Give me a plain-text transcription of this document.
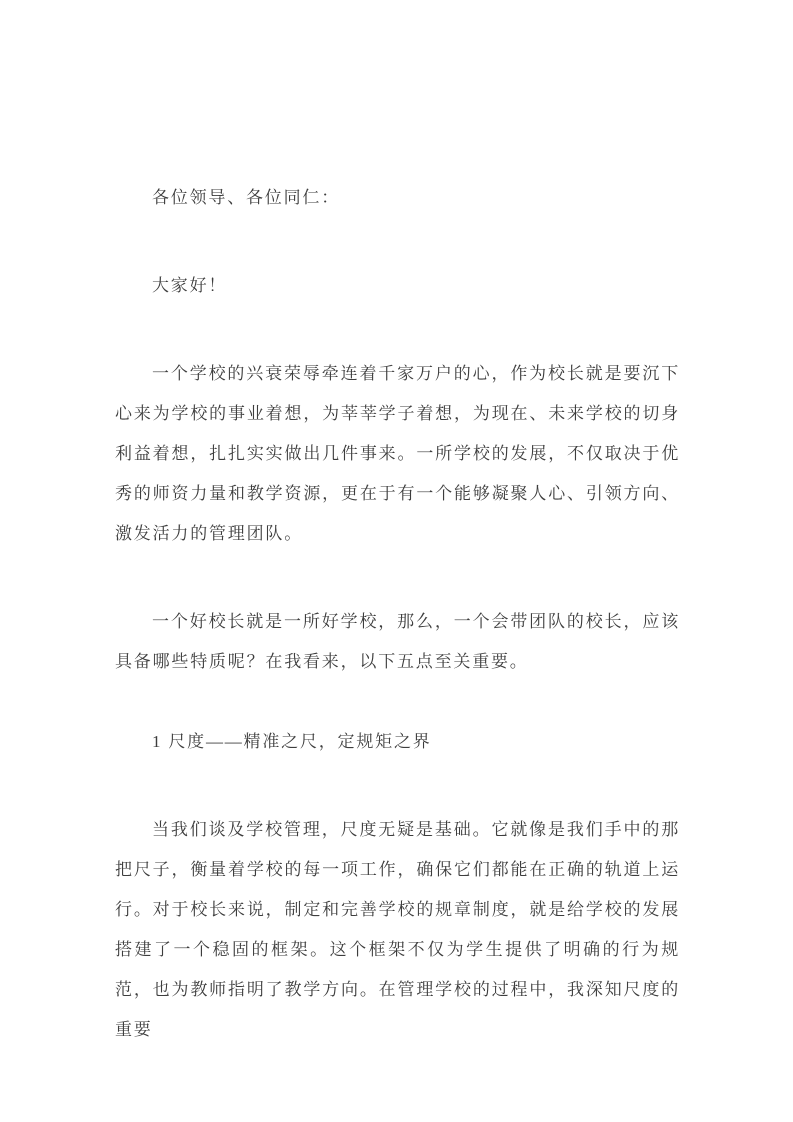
各位领导、各位同仁：

大家好！

一个学校的兴衰荣辱牵连着千家万户的心，作为校长就是要沉下心来为学校的事业着想，为莘莘学子着想，为现在、未来学校的切身利益着想，扎扎实实做出几件事来。一所学校的发展，不仅取决于优秀的师资力量和教学资源，更在于有一个能够凝聚人心、引领方向、激发活力的管理团队。

一个好校长就是一所好学校，那么，一个会带团队的校长，应该具备哪些特质呢？在我看来，以下五点至关重要。

1 尺度——精准之尺，定规矩之界

当我们谈及学校管理，尺度无疑是基础。它就像是我们手中的那把尺子，衡量着学校的每一项工作，确保它们都能在正确的轨道上运行。对于校长来说，制定和完善学校的规章制度，就是给学校的发展搭建了一个稳固的框架。这个框架不仅为学生提供了明确的行为规范，也为教师指明了教学方向。在管理学校的过程中，我深知尺度的重要
